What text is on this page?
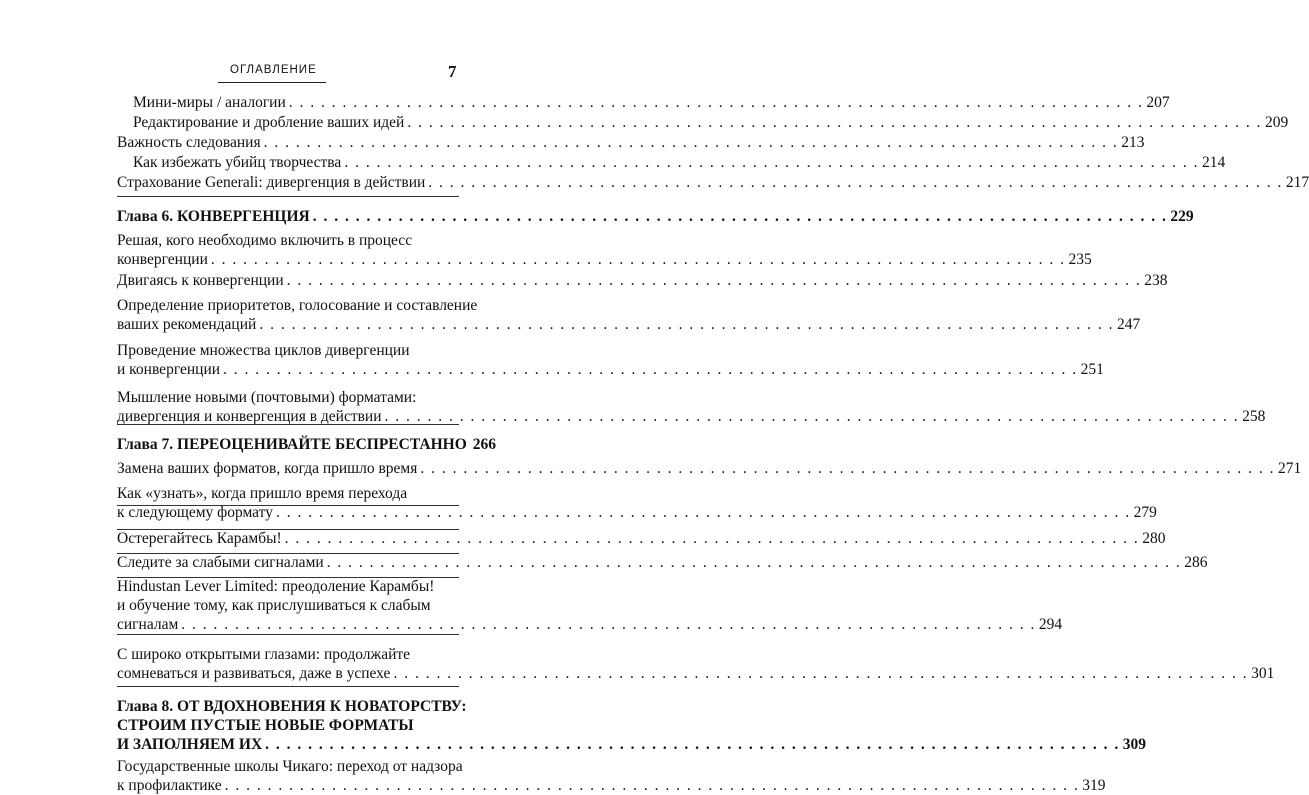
ОГЛАВЛЕНИЕ	7
Мини-миры / аналогии . . . . . . . . . . . . . . . . . . . . . . . . . . . . . . . . . . . . . . . . . . . . . . . . . . . . . . . . . . . . . . . . . . . . . . . . . . . . . . . . 207
Редактирование и дробление ваших идей . . . . . . . . . . . . . . . . . . . . . . . . . . . . . . . . . . . . . . . . . . . . . . . . . . . . . . . . . . . . . . . . . . . . . . . . . . . . . . . . 209
Важность следования . . . . . . . . . . . . . . . . . . . . . . . . . . . . . . . . . . . . . . . . . . . . . . . . . . . . . . . . . . . . . . . . . . . . . . . . . . . . . . . . 213
Как избежать убийц творчества . . . . . . . . . . . . . . . . . . . . . . . . . . . . . . . . . . . . . . . . . . . . . . . . . . . . . . . . . . . . . . . . . . . . . . . . . . . . . . . . 214
Страхование Generali: дивергенция в действии . . . . . . . . . . . . . . . . . . . . . . . . . . . . . . . . . . . . . . . . . . . . . . . . . . . . . . . . . . . . . . . . . . . . . . . . . . . . . . . . 217
Глава 6. КОНВЕРГЕНЦИЯ . . . . . . . . . . . . . . . . . . . . . . . . . . . . . . . . . . . . . . . . . . . . . . . . . . . . . . . . . . . . . . . . . . . . . . . . . . . . . . . . 229
Решая, кого необходимо включить в процесс
конвергенции . . . . . . . . . . . . . . . . . . . . . . . . . . . . . . . . . . . . . . . . . . . . . . . . . . . . . . . . . . . . . . . . . . . . . . . . . . . . . . . . 235
Двигаясь к конвергенции . . . . . . . . . . . . . . . . . . . . . . . . . . . . . . . . . . . . . . . . . . . . . . . . . . . . . . . . . . . . . . . . . . . . . . . . . . . . . . . . 238
Определение приоритетов, голосование и составление
ваших рекомендаций . . . . . . . . . . . . . . . . . . . . . . . . . . . . . . . . . . . . . . . . . . . . . . . . . . . . . . . . . . . . . . . . . . . . . . . . . . . . . . . . 247
Проведение множества циклов дивергенции
и конвергенции . . . . . . . . . . . . . . . . . . . . . . . . . . . . . . . . . . . . . . . . . . . . . . . . . . . . . . . . . . . . . . . . . . . . . . . . . . . . . . . . 251
Мышление новыми (почтовыми) форматами:
дивергенция и конвергенция в действии . . . . . . . . . . . . . . . . . . . . . . . . . . . . . . . . . . . . . . . . . . . . . . . . . . . . . . . . . . . . . . . . . . . . . . . . . . . . . . . . 258
Глава 7. ПЕРЕОЦЕНИВАЙТЕ БЕСПРЕСТАННО 266
Замена ваших форматов, когда пришло время . . . . . . . . . . . . . . . . . . . . . . . . . . . . . . . . . . . . . . . . . . . . . . . . . . . . . . . . . . . . . . . . . . . . . . . . . . . . . . . . 271
Как «узнать», когда пришло время перехода
к следующему формату . . . . . . . . . . . . . . . . . . . . . . . . . . . . . . . . . . . . . . . . . . . . . . . . . . . . . . . . . . . . . . . . . . . . . . . . . . . . . . . . 279
Остерегайтесь Карамбы! . . . . . . . . . . . . . . . . . . . . . . . . . . . . . . . . . . . . . . . . . . . . . . . . . . . . . . . . . . . . . . . . . . . . . . . . . . . . . . . . 280
Следите за слабыми сигналами . . . . . . . . . . . . . . . . . . . . . . . . . . . . . . . . . . . . . . . . . . . . . . . . . . . . . . . . . . . . . . . . . . . . . . . . . . . . . . . . 286
Hindustan Lever Limited: преодоление Карамбы!
и обучение тому, как прислушиваться к слабым
сигналам . . . . . . . . . . . . . . . . . . . . . . . . . . . . . . . . . . . . . . . . . . . . . . . . . . . . . . . . . . . . . . . . . . . . . . . . . . . . . . . . 294
С широко открытыми глазами: продолжайте
сомневаться и развиваться, даже в успехе . . . . . . . . . . . . . . . . . . . . . . . . . . . . . . . . . . . . . . . . . . . . . . . . . . . . . . . . . . . . . . . . . . . . . . . . . . . . . . . . 301
Глава 8. ОТ ВДОХНОВЕНИЯ К НОВАТОРСТВУ:
СТРОИМ ПУСТЫЕ НОВЫЕ ФОРМАТЫ
И ЗАПОЛНЯЕМ ИХ . . . . . . . . . . . . . . . . . . . . . . . . . . . . . . . . . . . . . . . . . . . . . . . . . . . . . . . . . . . . . . . . . . . . . . . . . . . . . . . . 309
Государственные школы Чикаго: переход от надзора
к профилактике . . . . . . . . . . . . . . . . . . . . . . . . . . . . . . . . . . . . . . . . . . . . . . . . . . . . . . . . . . . . . . . . . . . . . . . . . . . . . . . . 319
